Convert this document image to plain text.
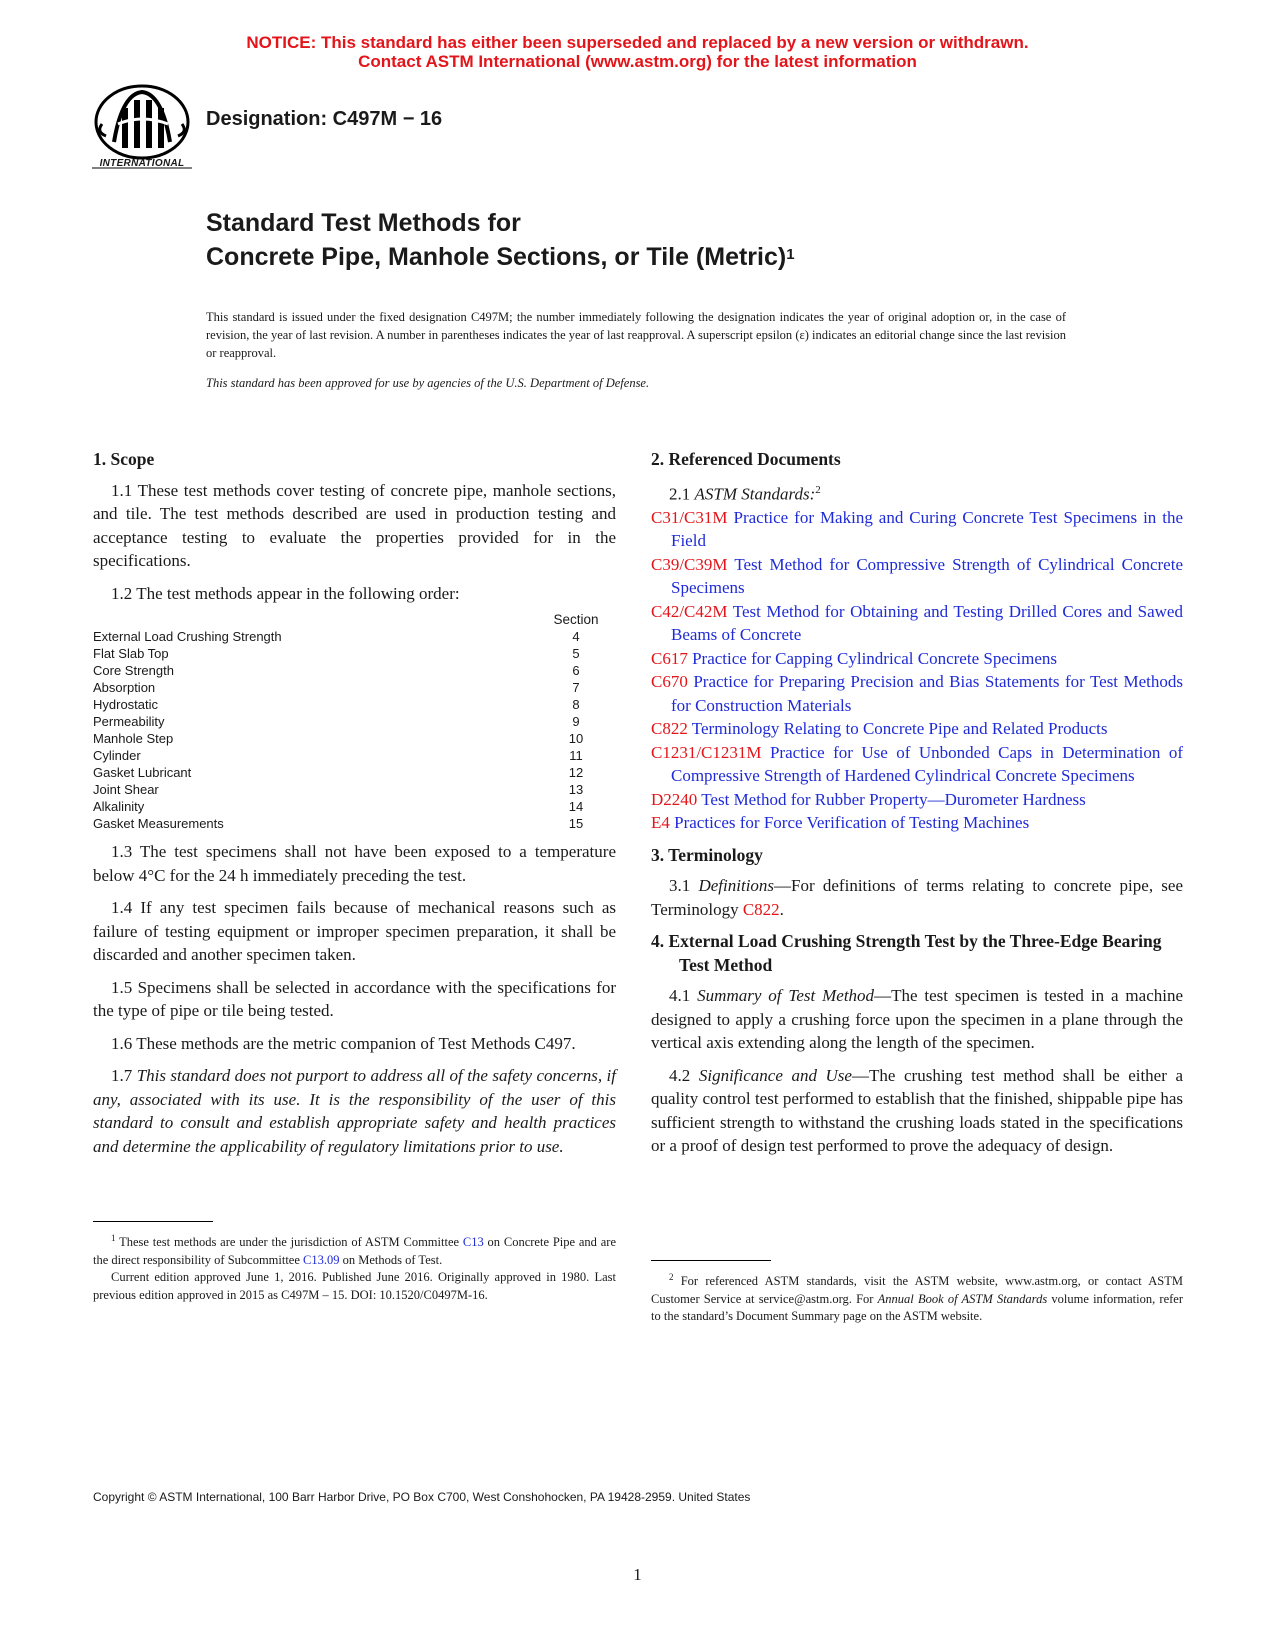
NOTICE: This standard has either been superseded and replaced by a new version or withdrawn.
Contact ASTM International (www.astm.org) for the latest information
INTERNATIONAL
Designation: C497M − 16
Standard Test Methods for
Concrete Pipe, Manhole Sections, or Tile (Metric)$^1$
This standard is issued under the fixed designation C497M; the number immediately following the designation indicates the year of original adoption or, in the case of revision, the year of last revision. A number in parentheses indicates the year of last reapproval. A superscript epsilon (ε) indicates an editorial change since the last revision or reapproval.
This standard has been approved for use by agencies of the U.S. Department of Defense.
1. Scope

1.1 These test methods cover testing of concrete pipe, manhole sections, and tile. The test methods described are used in production testing and acceptance testing to evaluate the properties provided for in the specifications.

1.2 The test methods appear in the following order:

	Section
External Load Crushing Strength	4
Flat Slab Top	5
Core Strength	6
Absorption	7
Hydrostatic	8
Permeability	9
Manhole Step	10
Cylinder	11
Gasket Lubricant	12
Joint Shear	13
Alkalinity	14
Gasket Measurements	15

1.3 The test specimens shall not have been exposed to a temperature below 4°C for the 24 h immediately preceding the test.

1.4 If any test specimen fails because of mechanical reasons such as failure of testing equipment or improper specimen preparation, it shall be discarded and another specimen taken.

1.5 Specimens shall be selected in accordance with the specifications for the type of pipe or tile being tested.

1.6 These methods are the metric companion of Test Methods C497.

1.7 This standard does not purport to address all of the safety concerns, if any, associated with its use. It is the responsibility of the user of this standard to consult and establish appropriate safety and health practices and determine the applicability of regulatory limitations prior to use.

2. Referenced Documents

2.1 ASTM Standards:$^2$

C31/C31M Practice for Making and Curing Concrete Test Specimens in the Field
C39/C39M Test Method for Compressive Strength of Cylindrical Concrete Specimens
C42/C42M Test Method for Obtaining and Testing Drilled Cores and Sawed Beams of Concrete
C617 Practice for Capping Cylindrical Concrete Specimens
C670 Practice for Preparing Precision and Bias Statements for Test Methods for Construction Materials
C822 Terminology Relating to Concrete Pipe and Related Products
C1231/C1231M Practice for Use of Unbonded Caps in Determination of Compressive Strength of Hardened Cylindrical Concrete Specimens
D2240 Test Method for Rubber Property—Durometer Hardness
E4 Practices for Force Verification of Testing Machines
3. Terminology

3.1 Definitions—For definitions of terms relating to concrete pipe, see Terminology C822.

4. External Load Crushing Strength Test by the Three-Edge Bearing Test Method

4.1 Summary of Test Method—The test specimen is tested in a machine designed to apply a crushing force upon the specimen in a plane through the vertical axis extending along the length of the specimen.

4.2 Significance and Use—The crushing test method shall be either a quality control test performed to establish that the finished, shippable pipe has sufficient strength to withstand the crushing loads stated in the specifications or a proof of design test performed to prove the adequacy of design.

$^1$ These test methods are under the jurisdiction of ASTM Committee C13 on Concrete Pipe and are the direct responsibility of Subcommittee C13.09 on Methods of Test.

Current edition approved June 1, 2016. Published June 2016. Originally approved in 1980. Last previous edition approved in 2015 as C497M – 15. DOI: 10.1520/C0497M-16.

$^2$ For referenced ASTM standards, visit the ASTM website, www.astm.org, or contact ASTM Customer Service at service@astm.org. For Annual Book of ASTM Standards volume information, refer to the standard’s Document Summary page on the ASTM website.

Copyright © ASTM International, 100 Barr Harbor Drive, PO Box C700, West Conshohocken, PA 19428-2959. United States
1
